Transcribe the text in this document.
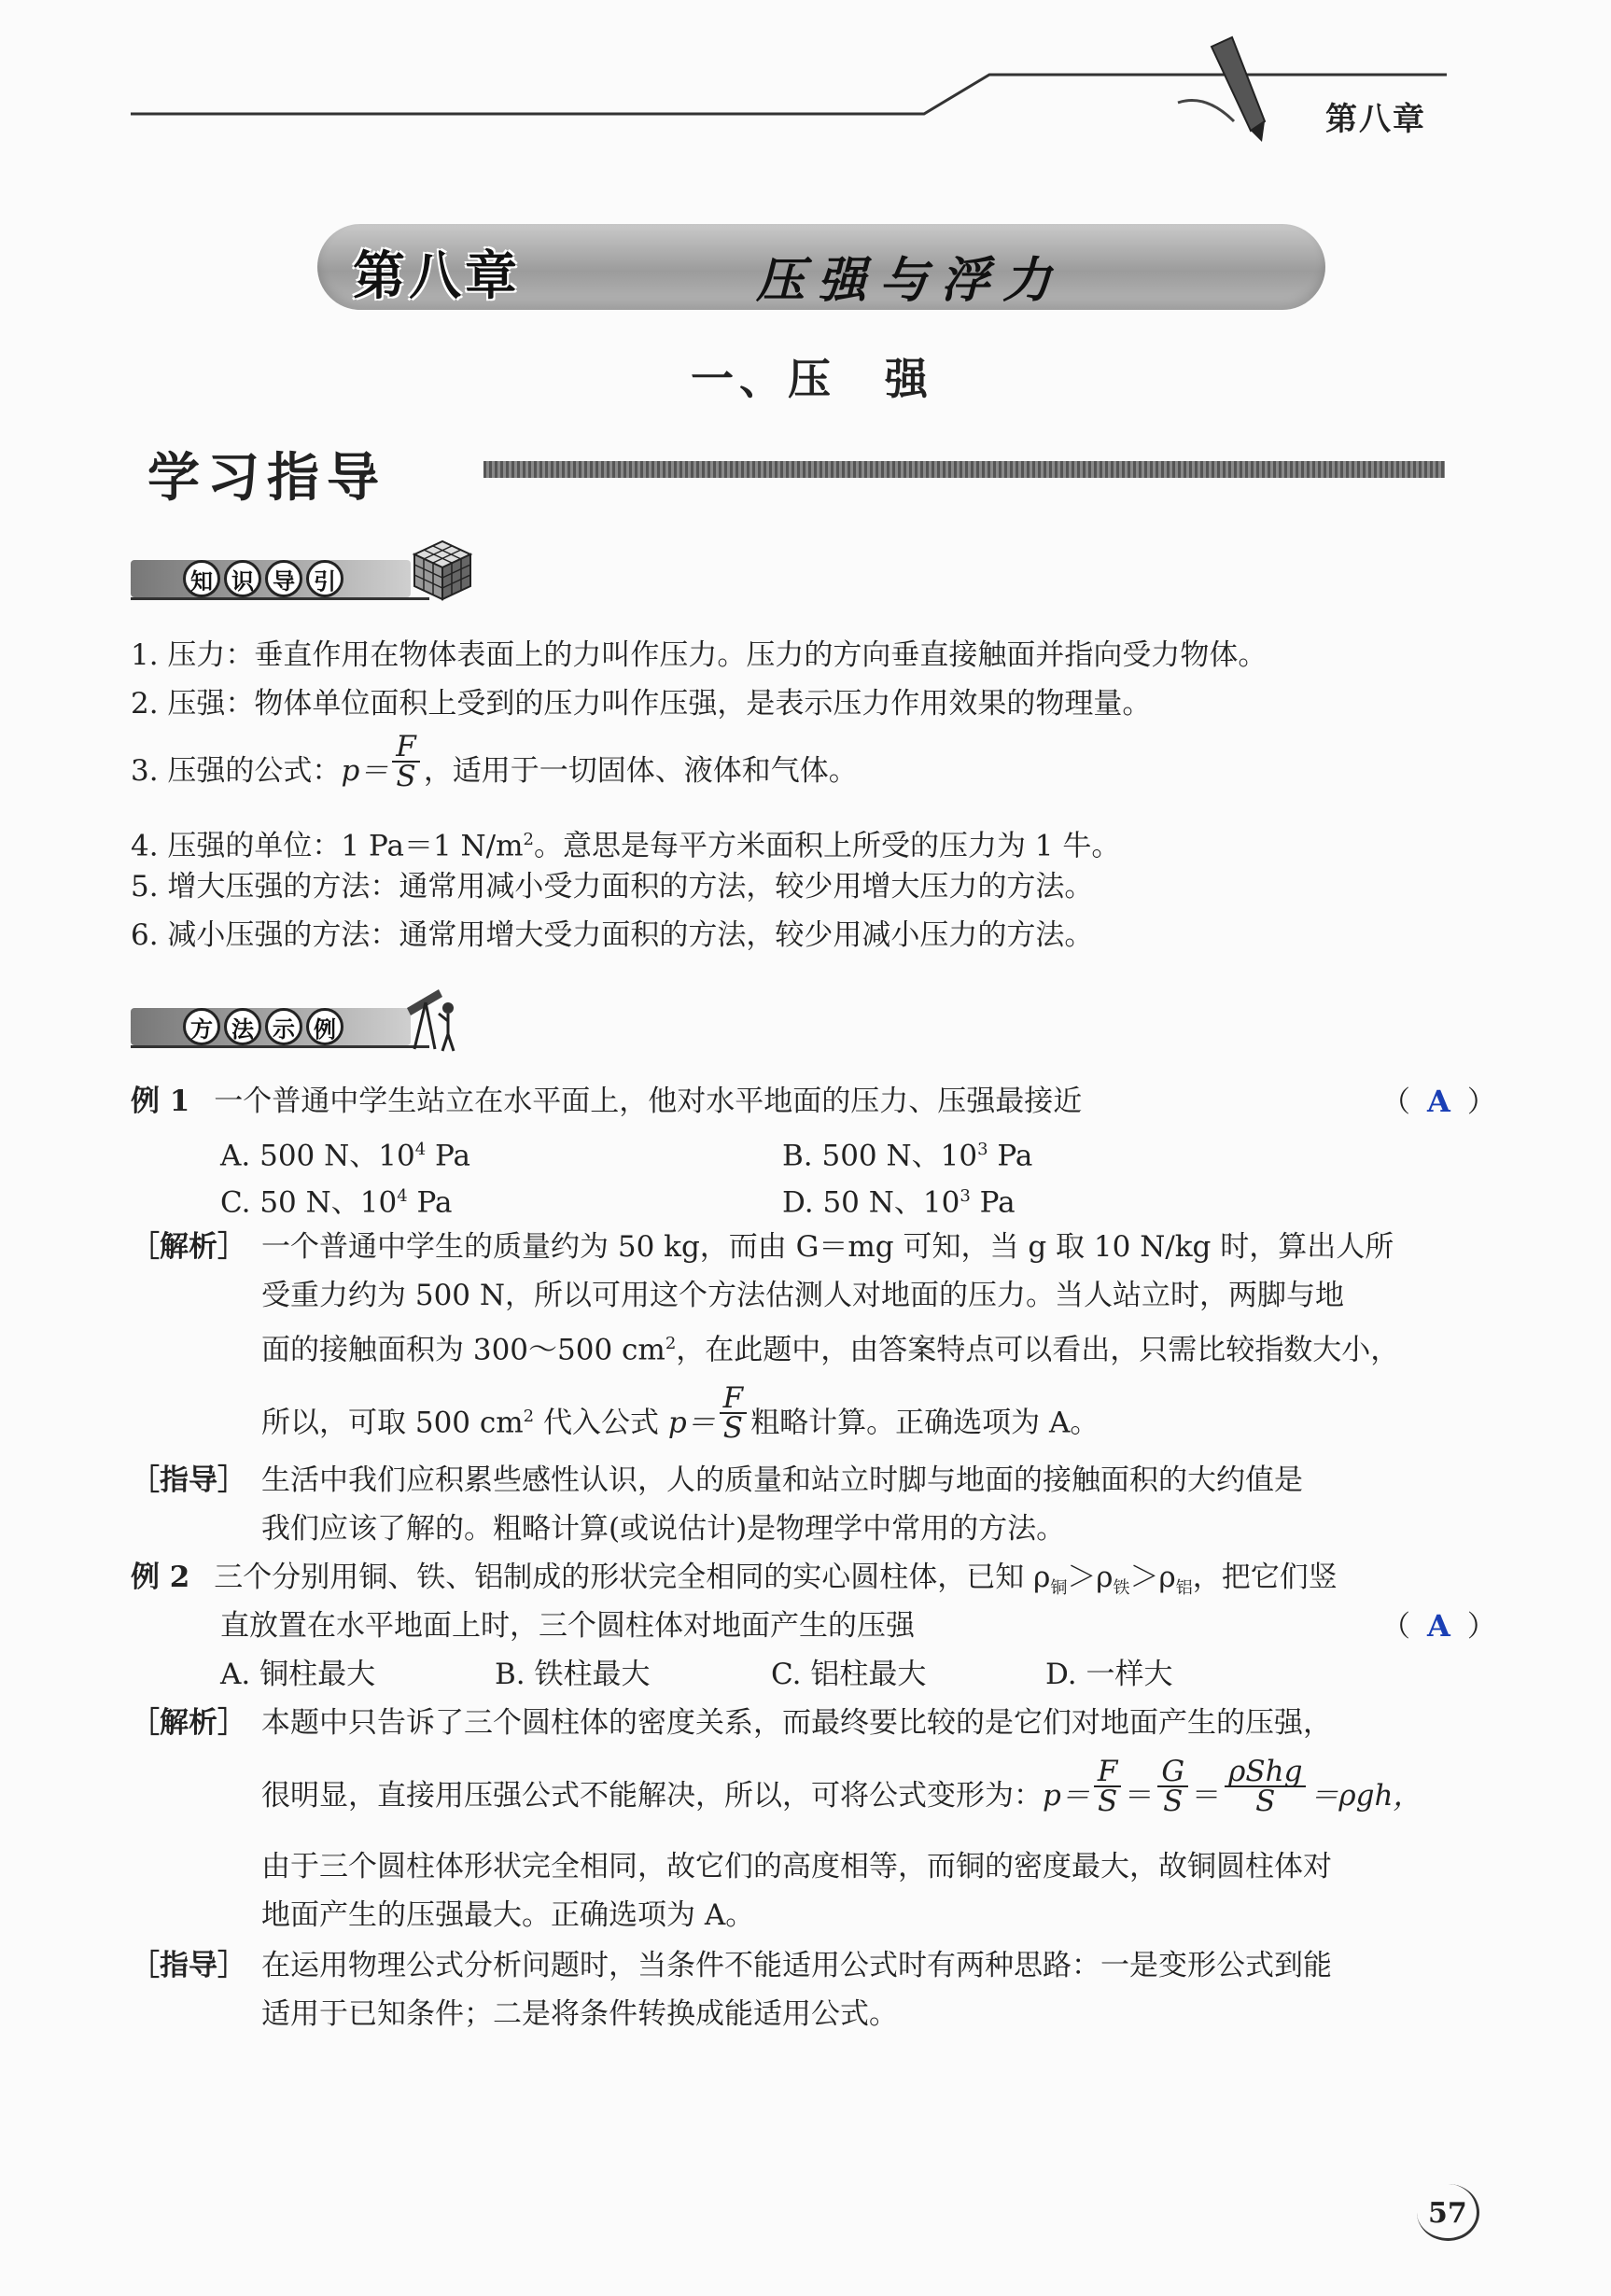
第八章
第八章	压强与浮力
一、压　强
学习指导
知 识 导 引
1. 压力：垂直作用在物体表面上的力叫作压力。压力的方向垂直接触面并指向受力物体。
2. 压强：物体单位面积上受到的压力叫作压强，是表示压力作用效果的物理量。
3. 压强的公式：$p= \frac{F}{S}$ ，适用于一切固体、液体和气体。
4. 压强的单位：1 Pa＝1 $N/m^2$。意思是每平方米面积上所受的压力为 1 牛。
5. 增大压强的方法：通常用减小受力面积的方法，较少用增大压力的方法。
6. 减小压强的方法：通常用增大受力面积的方法，较少用减小压力的方法。
方 法 示 例
例 1 一个普通中学生站立在水平面上，他对水平地面的压力、压强最接近	（ A ）
A. 500 N、$10^4$ Pa	B. 500 N、$10^3$ Pa
C. 50 N、$10^4$ Pa	D. 50 N、$10^3$ Pa
［解析］ 一个普通中学生的质量约为 50 kg，而由 G＝mg 可知，当 g 取 10 N/kg 时，算出人所
受重力约为 500 N，所以可用这个方法估测人对地面的压力。当人站立时，两脚与地
面的接触面积为 300～500 $cm^2$，在此题中，由答案特点可以看出，只需比较指数大小，
所以，可取 500 $cm^2$ 代入公式 $p= \frac{F}{S}$ 粗略计算。正确选项为 A。
［指导］ 生活中我们应积累些感性认识，人的质量和站立时脚与地面的接触面积的大约值是
我们应该了解的。粗略计算(或说估计)是物理学中常用的方法。
例 2 三个分别用铜、铁、铝制成的形状完全相同的实心圆柱体，已知 $\rho_铜>\rho_铁>\rho_铝$，把它们竖
直放置在水平地面上时，三个圆柱体对地面产生的压强	（ A ）
A. 铜柱最大	B. 铁柱最大	C. 铝柱最大	D. 一样大
［解析］ 本题中只告诉了三个圆柱体的密度关系，而最终要比较的是它们对地面产生的压强，
很明显，直接用压强公式不能解决，所以，可将公式变形为：$p= \frac{F}{S} = \frac{G}{S} = \frac{\text{ρShg}}{S} =\rho gh$，
由于三个圆柱体形状完全相同，故它们的高度相等，而铜的密度最大，故铜圆柱体对
地面产生的压强最大。正确选项为 A。
［指导］ 在运用物理公式分析问题时，当条件不能适用公式时有两种思路：一是变形公式到能
适用于已知条件；二是将条件转换成能适用公式。
57
